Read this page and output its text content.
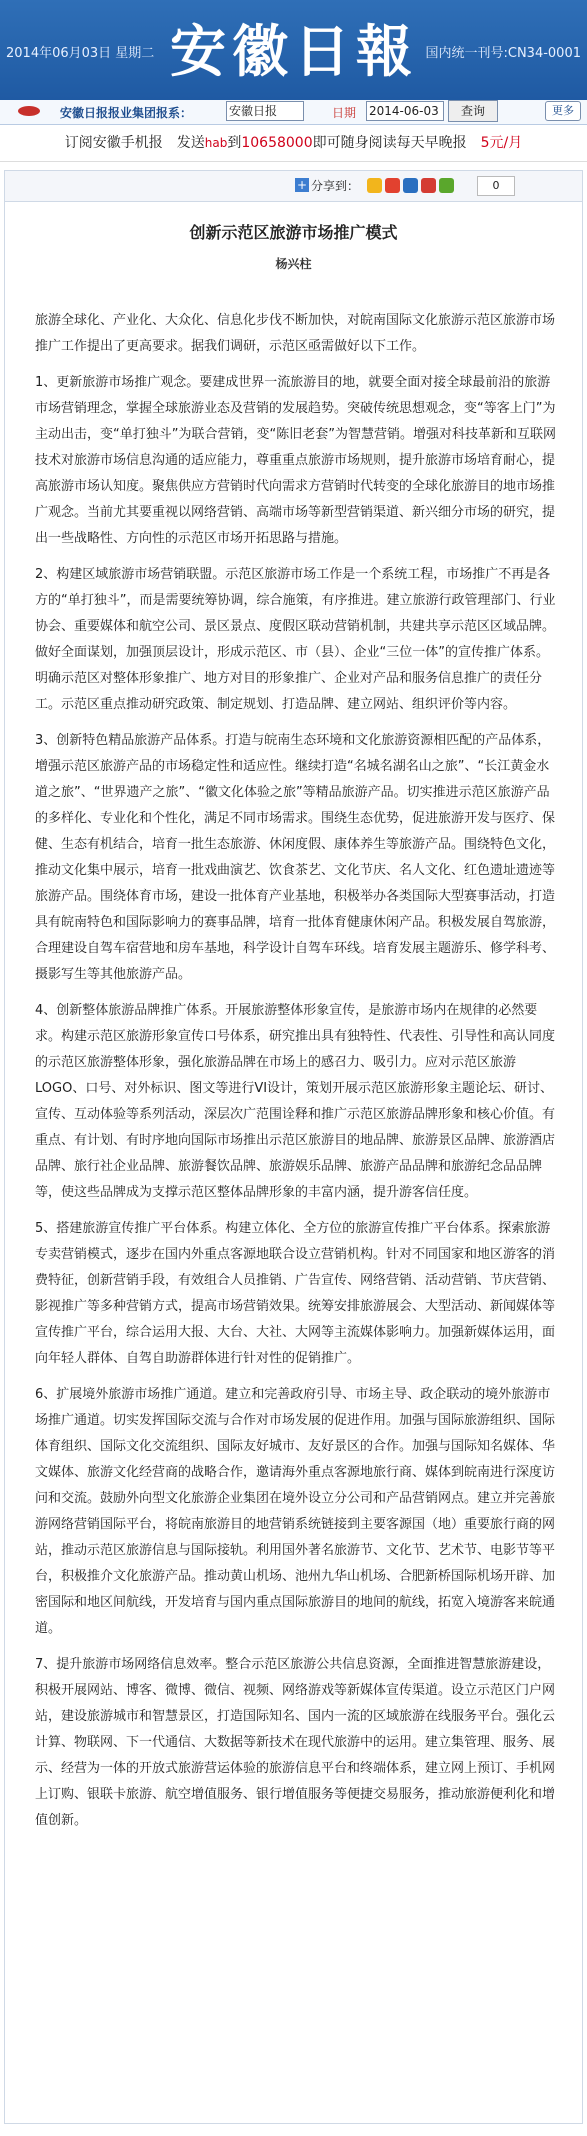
2014年06月03日 星期二 安徽日報 国内统一刊号:CN34-0001
安徽日报报业集团报系：	安徽日报	日期 2014-06-03	查询	更多
订阅安徽手机报　发送hab到10658000即可随身阅读每天早晚报　 5元/月
+ 分享到：	0
创新示范区旅游市场推广模式
杨兴柱

旅游全球化、产业化、大众化、信息化步伐不断加快，对皖南国际文化旅游示范区旅游市场推广工作提出了更高要求。据我们调研，示范区亟需做好以下工作。

1、更新旅游市场推广观念。要建成世界一流旅游目的地，就要全面对接全球最前沿的旅游市场营销理念，掌握全球旅游业态及营销的发展趋势。突破传统思想观念，变“等客上门”为主动出击，变“单打独斗”为联合营销，变“陈旧老套”为智慧营销。增强对科技革新和互联网技术对旅游市场信息沟通的适应能力，尊重重点旅游市场规则，提升旅游市场培育耐心，提高旅游市场认知度。聚焦供应方营销时代向需求方营销时代转变的全球化旅游目的地市场推广观念。当前尤其要重视以网络营销、高端市场等新型营销渠道、新兴细分市场的研究，提出一些战略性、方向性的示范区市场开拓思路与措施。

2、构建区域旅游市场营销联盟。示范区旅游市场工作是一个系统工程，市场推广不再是各方的“单打独斗”，而是需要统筹协调，综合施策，有序推进。建立旅游行政管理部门、行业协会、重要媒体和航空公司、景区景点、度假区联动营销机制，共建共享示范区区域品牌。做好全面谋划，加强顶层设计，形成示范区、市（县）、企业“三位一体”的宣传推广体系。明确示范区对整体形象推广、地方对目的形象推广、企业对产品和服务信息推广的责任分工。示范区重点推动研究政策、制定规划、打造品牌、建立网站、组织评价等内容。

3、创新特色精品旅游产品体系。打造与皖南生态环境和文化旅游资源相匹配的产品体系，增强示范区旅游产品的市场稳定性和适应性。继续打造“名城名湖名山之旅”、“长江黄金水道之旅”、“世界遗产之旅”、“徽文化体验之旅”等精品旅游产品。切实推进示范区旅游产品的多样化、专业化和个性化，满足不同市场需求。围绕生态优势，促进旅游开发与医疗、保健、生态有机结合，培育一批生态旅游、休闲度假、康体养生等旅游产品。围绕特色文化，推动文化集中展示，培育一批戏曲演艺、饮食茶艺、文化节庆、名人文化、红色遗址遗迹等旅游产品。围绕体育市场，建设一批体育产业基地，积极举办各类国际大型赛事活动，打造具有皖南特色和国际影响力的赛事品牌，培育一批体育健康休闲产品。积极发展自驾旅游，合理建设自驾车宿营地和房车基地，科学设计自驾车环线。培育发展主题游乐、修学科考、摄影写生等其他旅游产品。

4、创新整体旅游品牌推广体系。开展旅游整体形象宣传，是旅游市场内在规律的必然要求。构建示范区旅游形象宣传口号体系，研究推出具有独特性、代表性、引导性和高认同度的示范区旅游整体形象，强化旅游品牌在市场上的感召力、吸引力。应对示范区旅游LOGO、口号、对外标识、图文等进行VI设计，策划开展示范区旅游形象主题论坛、研讨、宣传、互动体验等系列活动，深层次广范围诠释和推广示范区旅游品牌形象和核心价值。有重点、有计划、有时序地向国际市场推出示范区旅游目的地品牌、旅游景区品牌、旅游酒店品牌、旅行社企业品牌、旅游餐饮品牌、旅游娱乐品牌、旅游产品品牌和旅游纪念品品牌等，使这些品牌成为支撑示范区整体品牌形象的丰富内涵，提升游客信任度。

5、搭建旅游宣传推广平台体系。构建立体化、全方位的旅游宣传推广平台体系。探索旅游专卖营销模式，逐步在国内外重点客源地联合设立营销机构。针对不同国家和地区游客的消费特征，创新营销手段，有效组合人员推销、广告宣传、网络营销、活动营销、节庆营销、影视推广等多种营销方式，提高市场营销效果。统筹安排旅游展会、大型活动、新闻媒体等宣传推广平台，综合运用大报、大台、大社、大网等主流媒体影响力。加强新媒体运用，面向年轻人群体、自驾自助游群体进行针对性的促销推广。

6、扩展境外旅游市场推广通道。建立和完善政府引导、市场主导、政企联动的境外旅游市场推广通道。切实发挥国际交流与合作对市场发展的促进作用。加强与国际旅游组织、国际体育组织、国际文化交流组织、国际友好城市、友好景区的合作。加强与国际知名媒体、华文媒体、旅游文化经营商的战略合作，邀请海外重点客源地旅行商、媒体到皖南进行深度访问和交流。鼓励外向型文化旅游企业集团在境外设立分公司和产品营销网点。建立并完善旅游网络营销国际平台，将皖南旅游目的地营销系统链接到主要客源国（地）重要旅行商的网站，推动示范区旅游信息与国际接轨。利用国外著名旅游节、文化节、艺术节、电影节等平台，积极推介文化旅游产品。推动黄山机场、池州九华山机场、合肥新桥国际机场开辟、加密国际和地区间航线，开发培育与国内重点国际旅游目的地间的航线，拓宽入境游客来皖通道。

7、提升旅游市场网络信息效率。整合示范区旅游公共信息资源，全面推进智慧旅游建设，积极开展网站、博客、微博、微信、视频、网络游戏等新媒体宣传渠道。设立示范区门户网站，建设旅游城市和智慧景区，打造国际知名、国内一流的区域旅游在线服务平台。强化云计算、物联网、下一代通信、大数据等新技术在现代旅游中的运用。建立集管理、服务、展示、经营为一体的开放式旅游营运体验的旅游信息平台和终端体系，建立网上预订、手机网上订购、银联卡旅游、航空增值服务、银行增值服务等便捷交易服务，推动旅游便利化和增值创新。
